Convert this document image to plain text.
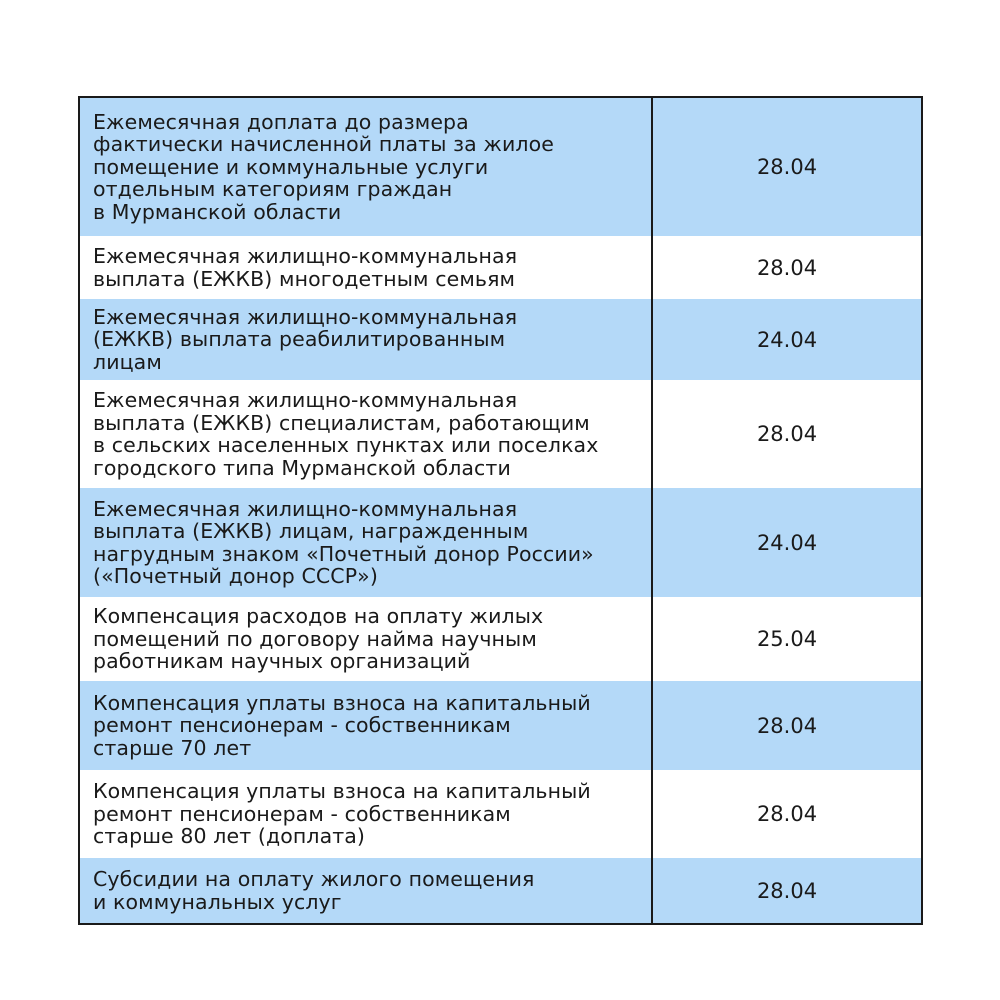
Ежемесячная доплата до размера
фактически начисленной платы за жилое
помещение и коммунальные услуги
отдельным категориям граждан
в Мурманской области
28.04
Ежемесячная жилищно-коммунальная
выплата (ЕЖКВ) многодетным семьям	28.04
Ежемесячная жилищно-коммунальная
(ЕЖКВ) выплата реабилитированным
лицам
24.04
Ежемесячная жилищно-коммунальная
выплата (ЕЖКВ) специалистам, работающим
в сельских населенных пунктах или поселках
городского типа Мурманской области
28.04
Ежемесячная жилищно-коммунальная
выплата (ЕЖКВ) лицам, награжденным
нагрудным знаком «Почетный донор России»
(«Почетный донор СССР»)
24.04
Компенсация расходов на оплату жилых
помещений по договору найма научным
работникам научных организаций
25.04
Компенсация уплаты взноса на капитальный
ремонт пенсионерам - собственникам
старше 70 лет
28.04
Компенсация уплаты взноса на капитальный
ремонт пенсионерам - собственникам
старше 80 лет (доплата)
28.04
Субсидии на оплату жилого помещения
и коммунальных услуг	28.04
